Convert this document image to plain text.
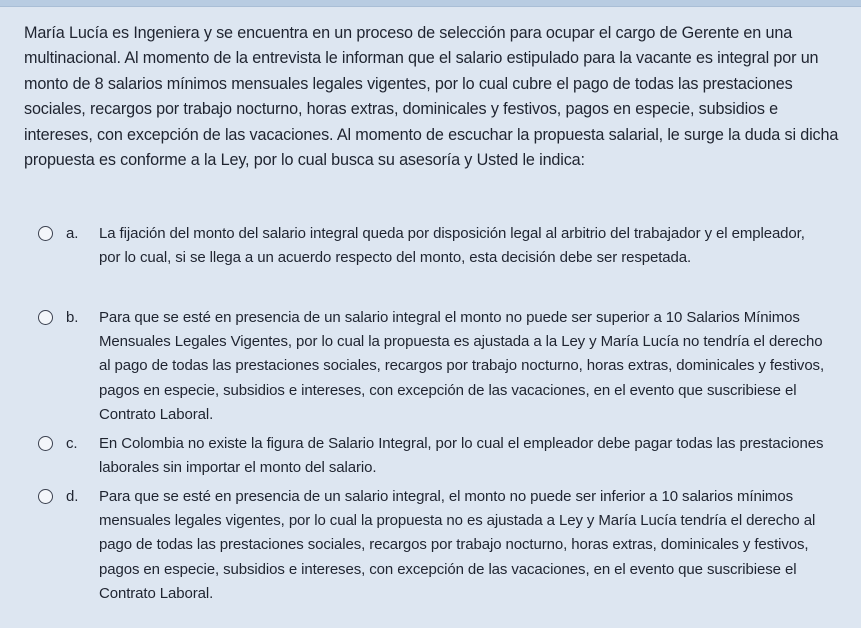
María Lucía es Ingeniera y se encuentra en un proceso de selección para ocupar el cargo de Gerente en una multinacional. Al momento de la entrevista le informan que el salario estipulado para la vacante es integral por un monto de 8 salarios mínimos mensuales legales vigentes, por lo cual cubre el pago de todas las prestaciones sociales, recargos por trabajo nocturno, horas extras, dominicales y festivos, pagos en especie, subsidios e intereses, con excepción de las vacaciones. Al momento de escuchar la propuesta salarial, le surge la duda si dicha propuesta es conforme a la Ley, por lo cual busca su asesoría y Usted le indica:

a.	La fijación del monto del salario integral queda por disposición legal al arbitrio del trabajador y el empleador, por lo cual, si se llega a un acuerdo respecto del monto, esta decisión debe ser respetada.
b.	Para que se esté en presencia de un salario integral el monto no puede ser superior a 10 Salarios Mínimos Mensuales Legales Vigentes, por lo cual la propuesta es ajustada a la Ley y María Lucía no tendría el derecho al pago de todas las prestaciones sociales, recargos por trabajo nocturno, horas extras, dominicales y festivos, pagos en especie, subsidios e intereses, con excepción de las vacaciones, en el evento que suscribiese el Contrato Laboral.
c.	En Colombia no existe la figura de Salario Integral, por lo cual el empleador debe pagar todas las prestaciones laborales sin importar el monto del salario.
d.	Para que se esté en presencia de un salario integral, el monto no puede ser inferior a 10 salarios mínimos mensuales legales vigentes, por lo cual la propuesta no es ajustada a Ley y María Lucía tendría el derecho al pago de todas las prestaciones sociales, recargos por trabajo nocturno, horas extras, dominicales y festivos, pagos en especie, subsidios e intereses, con excepción de las vacaciones, en el evento que suscribiese el Contrato Laboral.
